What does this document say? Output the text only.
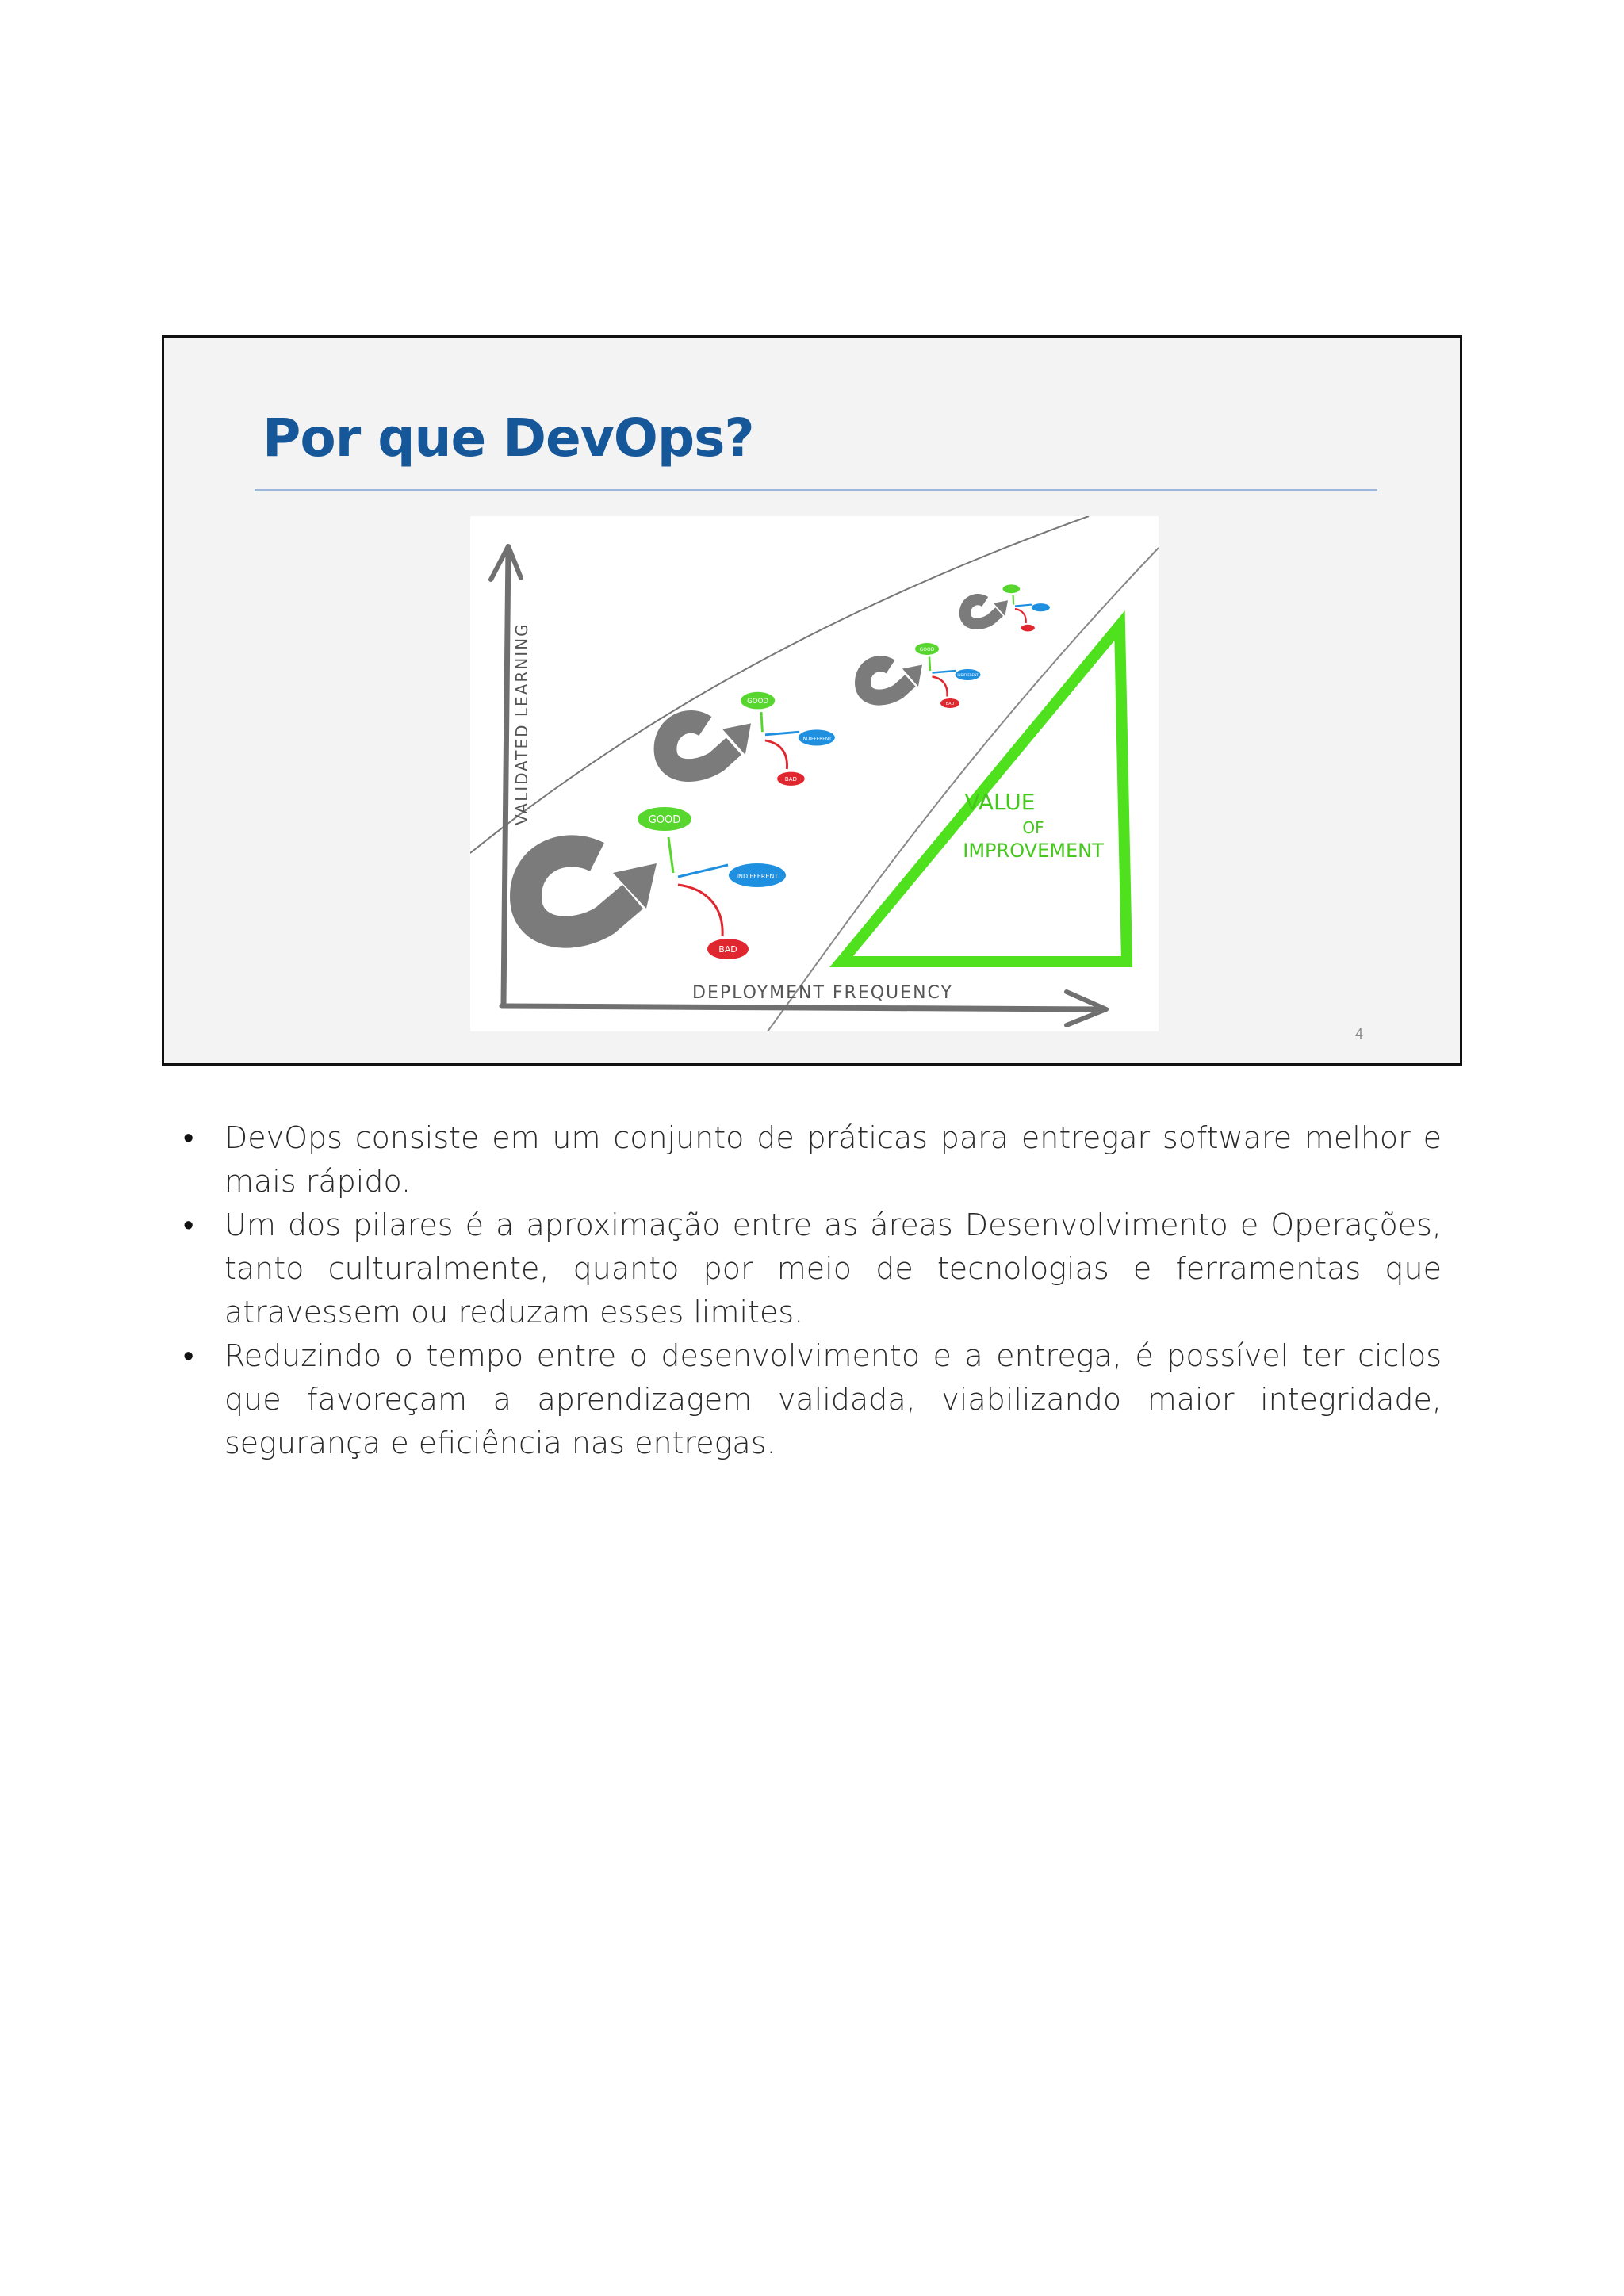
Por que DevOps?
VALIDATED LEARNING
DEPLOYMENT FREQUENCY
VALUE
OF
IMPROVEMENT
GOOD
INDIFFERENT
BAD
GOOD
INDIFFERENT
BAD
GOOD
INDIFFERENT
BAD
4
• DevOps consiste em um conjunto de práticas para entregar software melhor e mais rápido.
• Um dos pilares é a aproximação entre as áreas Desenvolvimento e Operações, tanto culturalmente, quanto por meio de tecnologias e ferramentas que atravessem ou reduzam esses limites.
• Reduzindo o tempo entre o desenvolvimento e a entrega, é possível ter ciclos que favoreçam a aprendizagem validada, viabilizando maior integridade, segurança e eficiência nas entregas.
